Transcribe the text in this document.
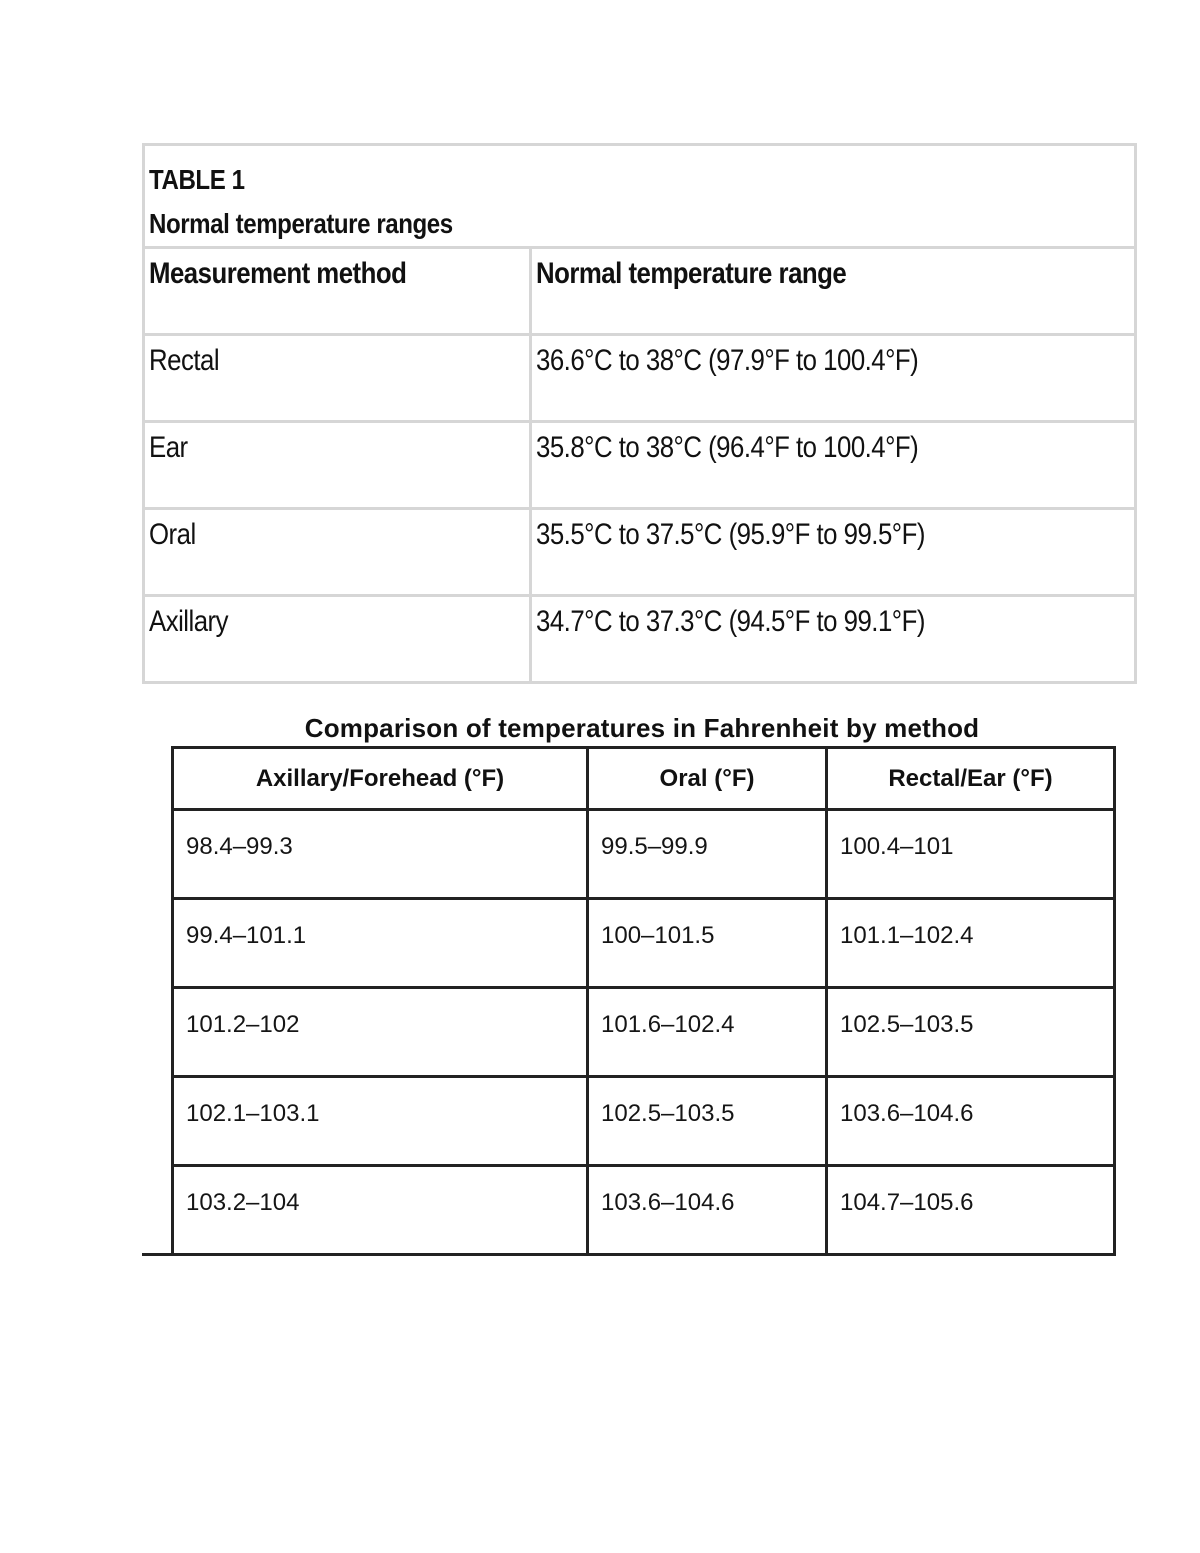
TABLE 1
Normal temperature ranges	

Measurement method	Normal temperature range
Rectal	36.6°C to 38°C (97.9°F to 100.4°F)
Ear	35.8°C to 38°C (96.4°F to 100.4°F)
Oral	35.5°C to 37.5°C (95.9°F to 99.5°F)
Axillary	34.7°C to 37.3°C (94.5°F to 99.1°F)
Comparison of temperatures in Fahrenheit by method
Axillary/Forehead (°F)	Oral (°F)	Rectal/Ear (°F)
98.4–99.3	99.5–99.9	100.4–101
99.4–101.1	100–101.5	101.1–102.4
101.2–102	101.6–102.4	102.5–103.5
102.1–103.1	102.5–103.5	103.6–104.6
103.2–104	103.6–104.6	104.7–105.6
